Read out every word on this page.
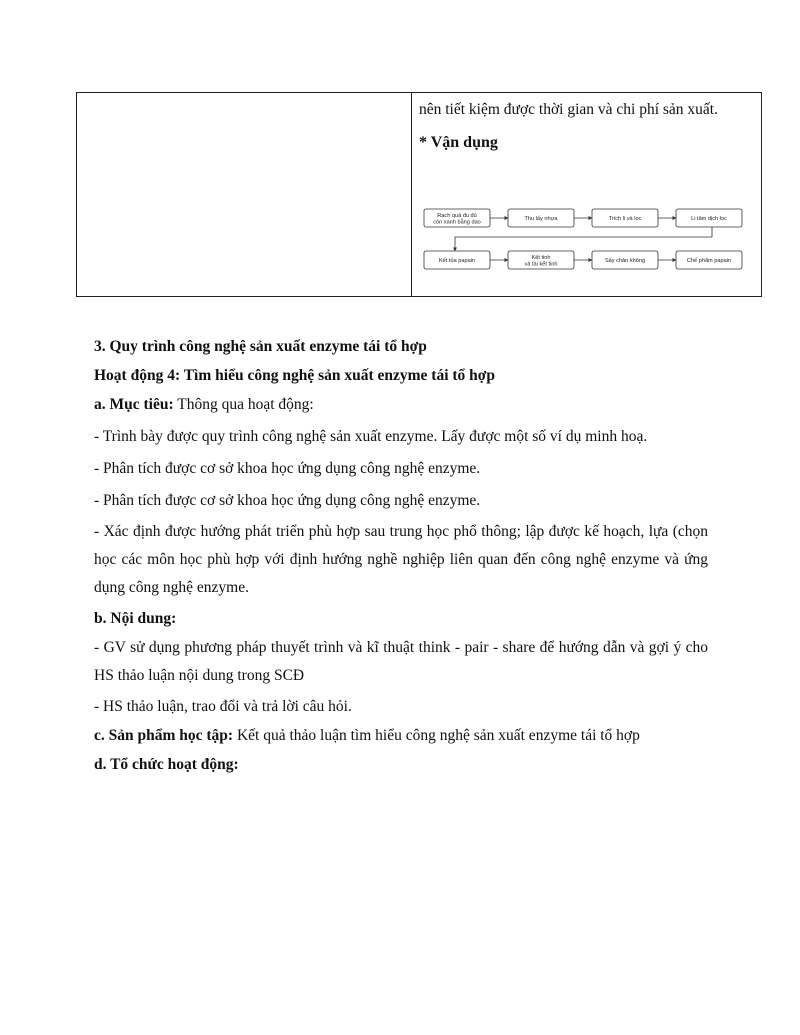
nên tiết kiệm được thời gian và chi phí sản xuất.

* Vận dụng

Rạch quả đu đủ còn xanh bằng dao
Thu lấy nhựa	Trích li và lọc	Li tâm dịch lọc
Kết tủa papain
Kết tinh và tái kết tinh
Sấy chân không	Chế phẩm papain

3. Quy trình công nghệ sản xuất enzyme tái tổ hợp

Hoạt động 4: Tìm hiểu công nghệ sản xuất enzyme tái tổ hợp

a. Mục tiêu: Thông qua hoạt động:

- Trình bày được quy trình công nghệ sản xuất enzyme. Lấy được một số ví dụ minh hoạ.

- Phân tích được cơ sở khoa học ứng dụng công nghệ enzyme.

- Phân tích được cơ sở khoa học ứng dụng công nghệ enzyme.

- Xác định được hướng phát triển phù hợp sau trung học phổ thông; lập được kế hoạch, lựa (chọn học các môn học phù hợp với định hướng nghề nghiệp liên quan đến công nghệ enzyme và ứng dụng công nghệ enzyme.

b. Nội dung:

- GV sử dụng phương pháp thuyết trình và kĩ thuật think - pair - share để hướng dẫn và gợi ý cho HS thảo luận nội dung trong SCĐ

- HS thảo luận, trao đổi và trả lời câu hỏi.

c. Sản phẩm học tập: Kết quả thảo luận tìm hiểu công nghệ sản xuất enzyme tái tổ hợp

d. Tổ chức hoạt động:
